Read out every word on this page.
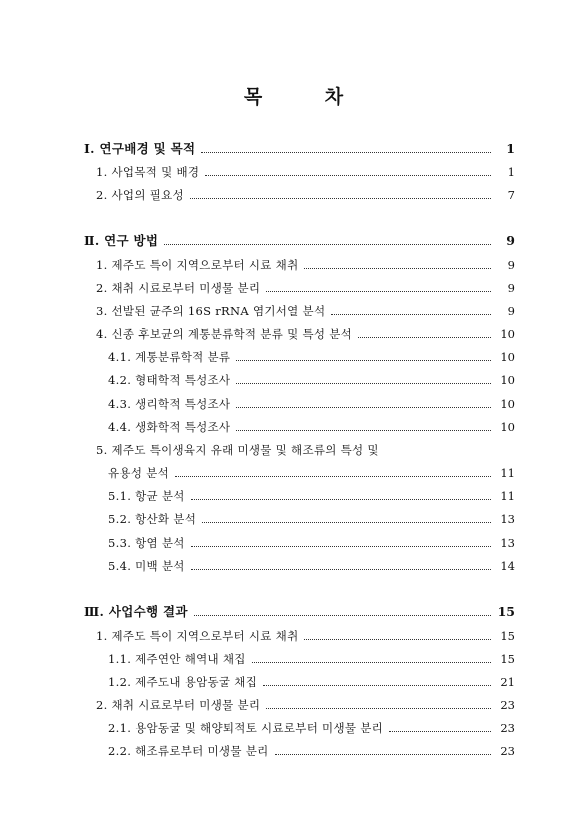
목 차
I. 연구배경 및 목적	1
1. 사업목적 및 배경	1
2. 사업의 필요성	7
Ⅱ. 연구 방법	9
1. 제주도 특이 지역으로부터 시료 채취	9
2. 채취 시료로부터 미생물 분리	9
3. 선발된 균주의 16S rRNA 염기서열 분석	9
4. 신종 후보균의 계통분류학적 분류 및 특성 분석	10
4.1. 계통분류학적 분류	10
4.2. 형태학적 특성조사	10
4.3. 생리학적 특성조사	10
4.4. 생화학적 특성조사	10
5. 제주도 특이생육지 유래 미생물 및 해조류의 특성 및
유용성 분석	11
5.1. 항균 분석	11
5.2. 항산화 분석	13
5.3. 항염 분석	13
5.4. 미백 분석	14
Ⅲ. 사업수행 결과	15
1. 제주도 특이 지역으로부터 시료 채취	15
1.1. 제주연안 해역내 채집	15
1.2. 제주도내 용암동굴 채집	21
2. 채취 시료로부터 미생물 분리	23
2.1. 용암동굴 및 해양퇴적토 시료로부터 미생물 분리	23
2.2. 해조류로부터 미생물 분리	23
